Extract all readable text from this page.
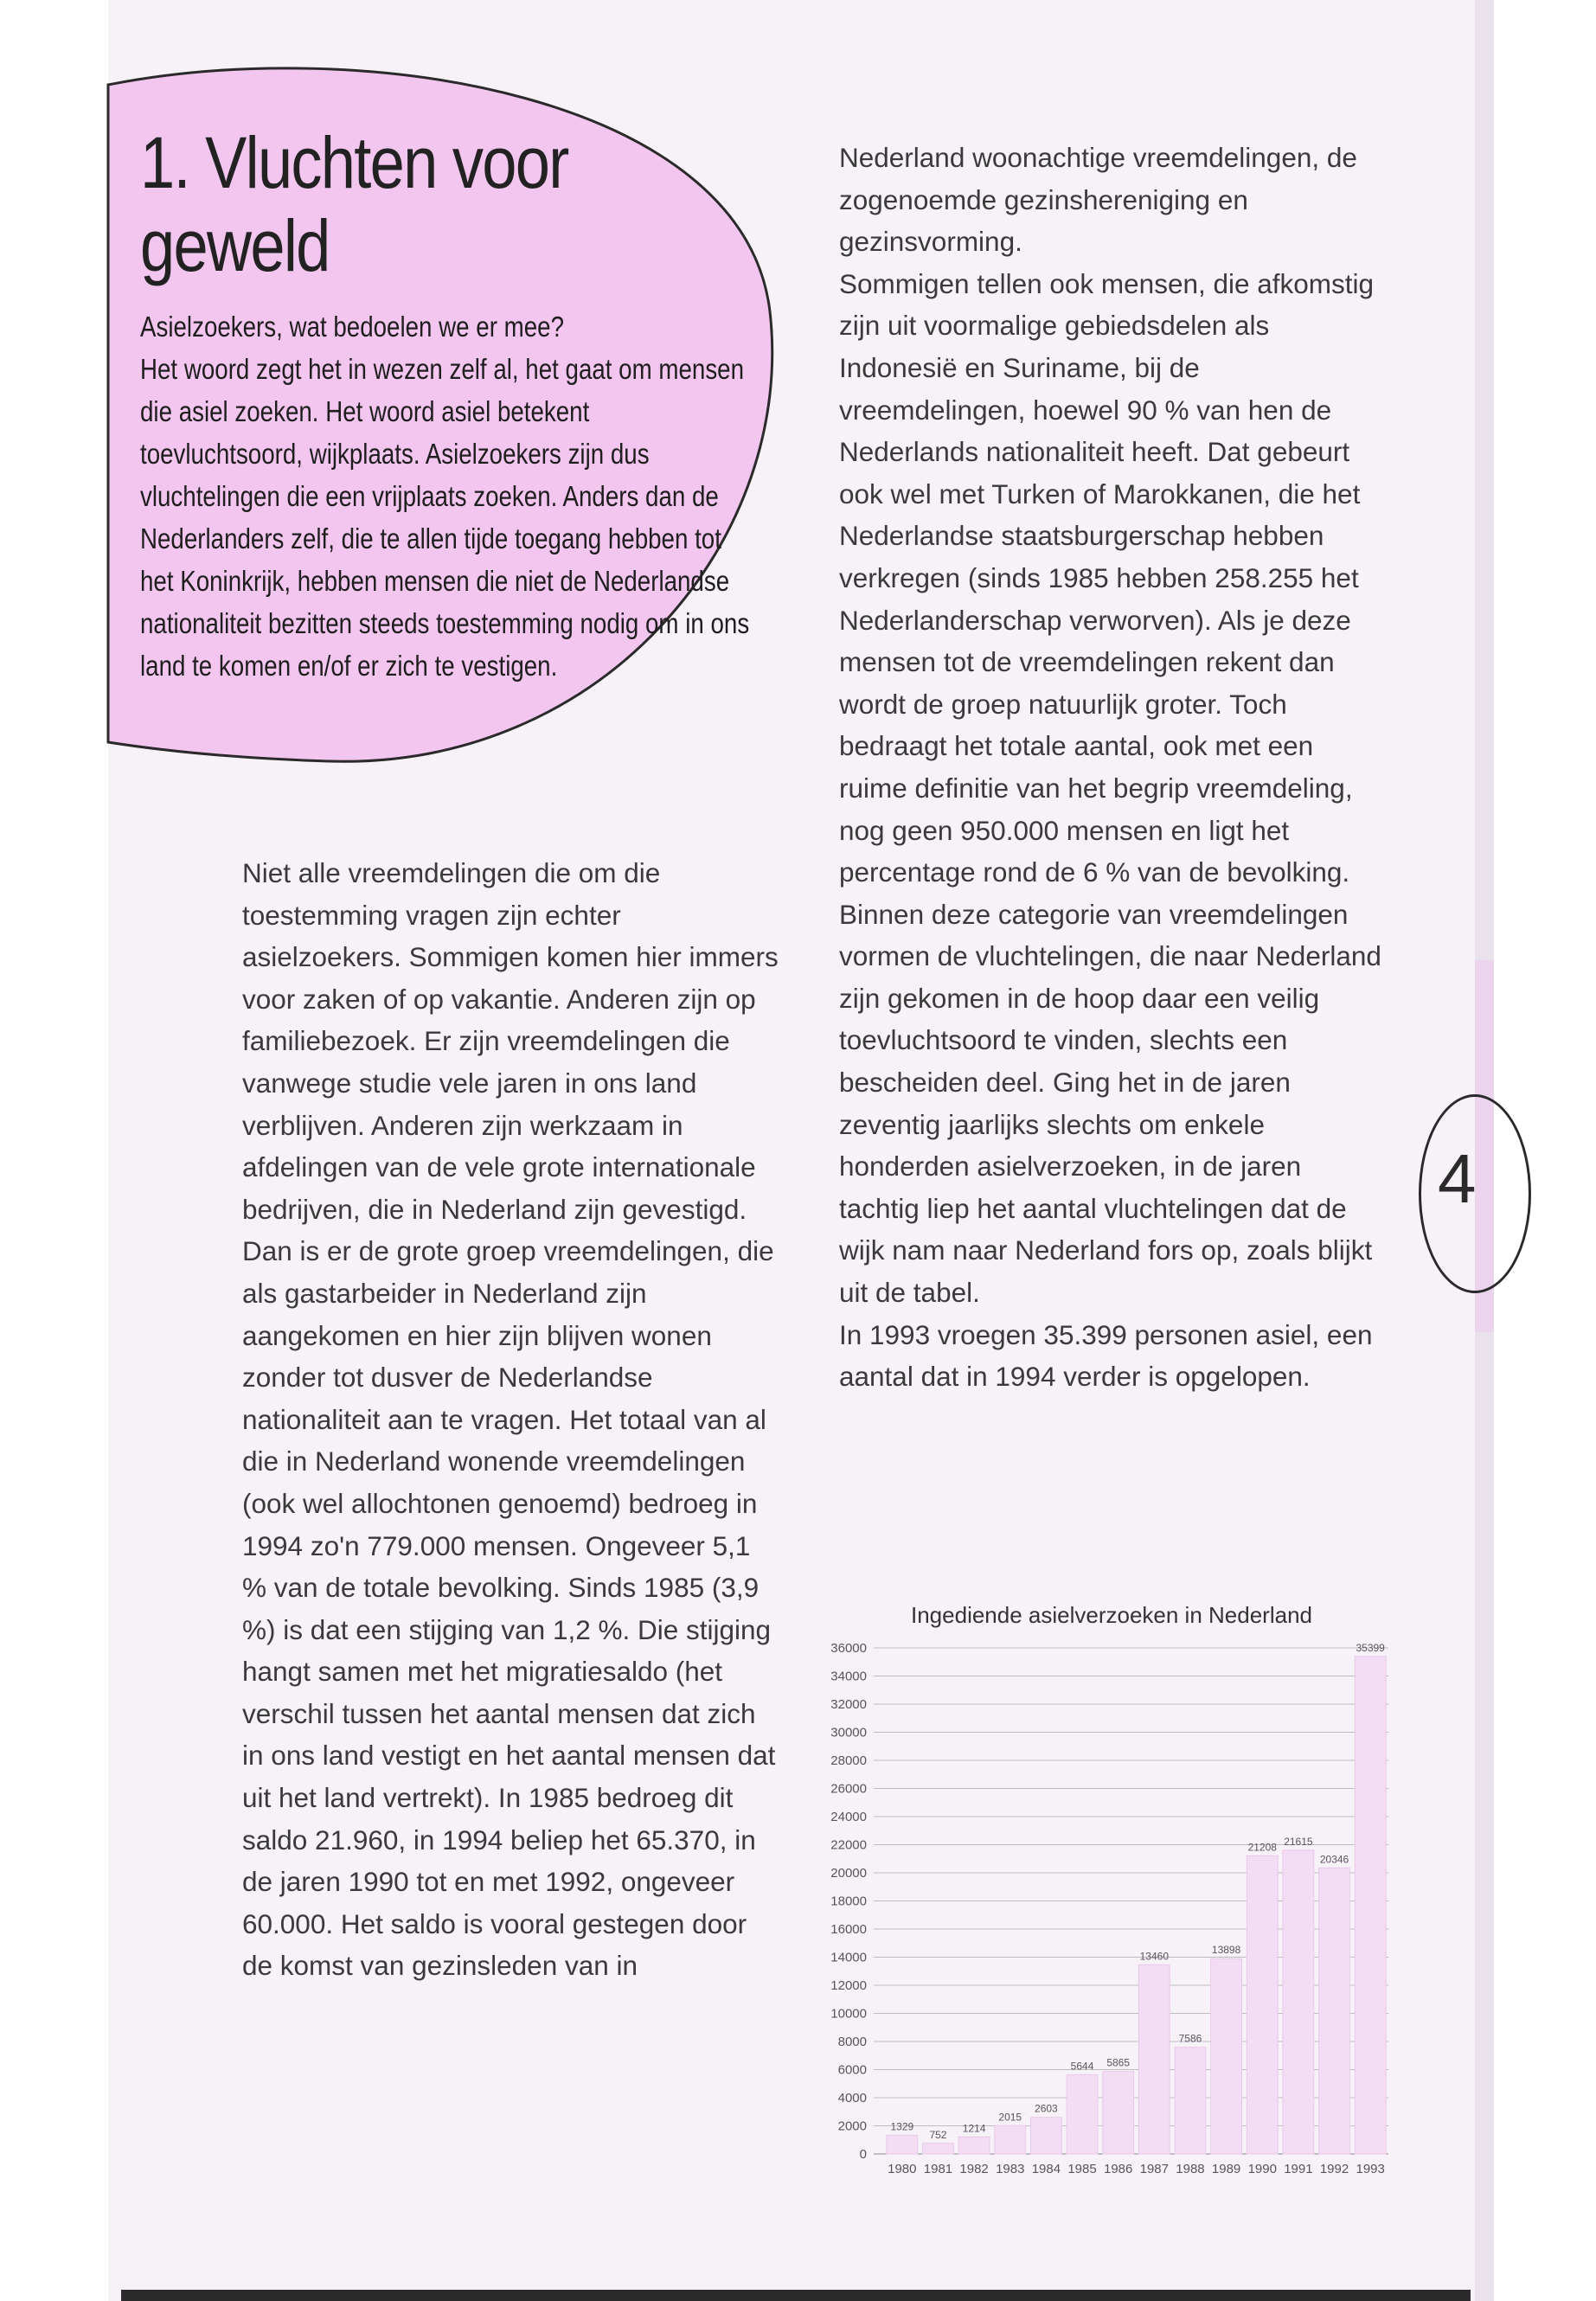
1. Vluchten voor geweld

Asielzoekers, wat bedoelen we er mee?

Het woord zegt het in wezen zelf al, het gaat om mensen die asiel zoeken. Het woord asiel betekent toevluchtsoord, wijkplaats. Asielzoekers zijn dus vluchtelingen die een vrijplaats zoeken. Anders dan de Nederlanders zelf, die te allen tijde toegang hebben tot het Koninkrijk, hebben mensen die niet de Nederlandse nationaliteit bezitten steeds toestemming nodig om in ons land te komen en/of er zich te vestigen.

Niet alle vreemdelingen die om die toestemming vragen zijn echter asielzoekers. Sommigen komen hier immers voor zaken of op vakantie. Anderen zijn op familiebezoek. Er zijn vreemdelingen die vanwege studie vele jaren in ons land verblijven. Anderen zijn werkzaam in afdelingen van de vele grote internationale bedrijven, die in Nederland zijn gevestigd. Dan is er de grote groep vreemdelingen, die als gastarbeider in Nederland zijn aangekomen en hier zijn blijven wonen zonder tot dusver de Nederlandse nationaliteit aan te vragen. Het totaal van al die in Nederland wonende vreemdelingen (ook wel allochtonen genoemd) bedroeg in 1994 zo'n 779.000 mensen. Ongeveer 5,1 % van de totale bevolking. Sinds 1985 (3,9 %) is dat een stijging van 1,2 %. Die stijging hangt samen met het migratiesaldo (het verschil tussen het aantal mensen dat zich in ons land vestigt en het aantal mensen dat uit het land vertrekt). In 1985 bedroeg dit saldo 21.960, in 1994 beliep het 65.370, in de jaren 1990 tot en met 1992, ongeveer 60.000. Het saldo is vooral gestegen door de komst van gezinsleden van in

Nederland woonachtige vreemdelingen, de zogenoemde gezinshereniging en gezinsvorming.

Sommigen tellen ook mensen, die afkomstig zijn uit voormalige gebiedsdelen als Indonesië en Suriname, bij de vreemdelingen, hoewel 90 % van hen de Nederlands nationaliteit heeft. Dat gebeurt ook wel met Turken of Marokkanen, die het Nederlandse staatsburgerschap hebben verkregen (sinds 1985 hebben 258.255 het Nederlanderschap verworven). Als je deze mensen tot de vreemdelingen rekent dan wordt de groep natuurlijk groter. Toch bedraagt het totale aantal, ook met een ruime definitie van het begrip vreemdeling, nog geen 950.000 mensen en ligt het percentage rond de 6 % van de bevolking.

Binnen deze categorie van vreemdelingen vormen de vluchtelingen, die naar Nederland zijn gekomen in de hoop daar een veilig toevluchtsoord te vinden, slechts een bescheiden deel. Ging het in de jaren zeventig jaarlijks slechts om enkele honderden asielverzoeken, in de jaren tachtig liep het aantal vluchtelingen dat de wijk nam naar Nederland fors op, zoals blijkt uit de tabel.

In 1993 vroegen 35.399 personen asiel, een aantal dat in 1994 verder is opgelopen.

Ingediende asielverzoeken in Nederland
0
2000
4000
6000
8000
10000
12000
14000
16000
18000
20000
22000
24000
26000
28000
30000
32000
34000
36000
1329
1980
752
1981
1214
1982
2015
1983
2603
1984
5644
1985
5865
1986
13460
1987
7586
1988
13898
1989
21208
1990
21615
1991
20346
1992
35399
1993
4
